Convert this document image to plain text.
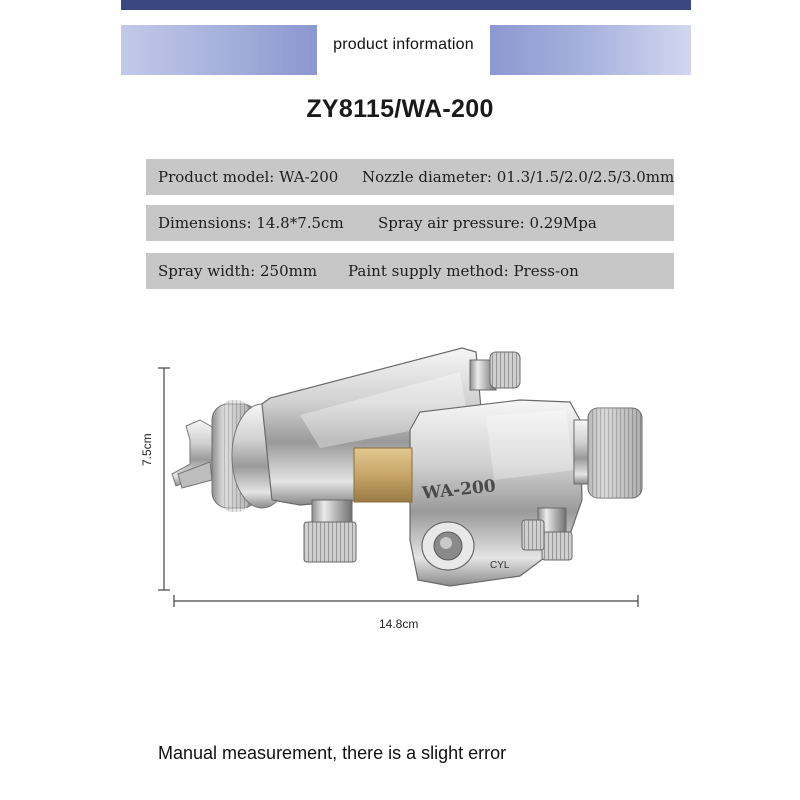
product information
ZY8115/WA-200
Product model: WA-200 Nozzle diameter: 01.3/1.5/2.0/2.5/3.0mm
Dimensions: 14.8*7.5cm Spray air pressure: 0.29Mpa
Spray width: 250mm Paint supply method: Press-on
WA-200
CYL
7.5cm
14.8cm
Manual measurement, there is a slight error
